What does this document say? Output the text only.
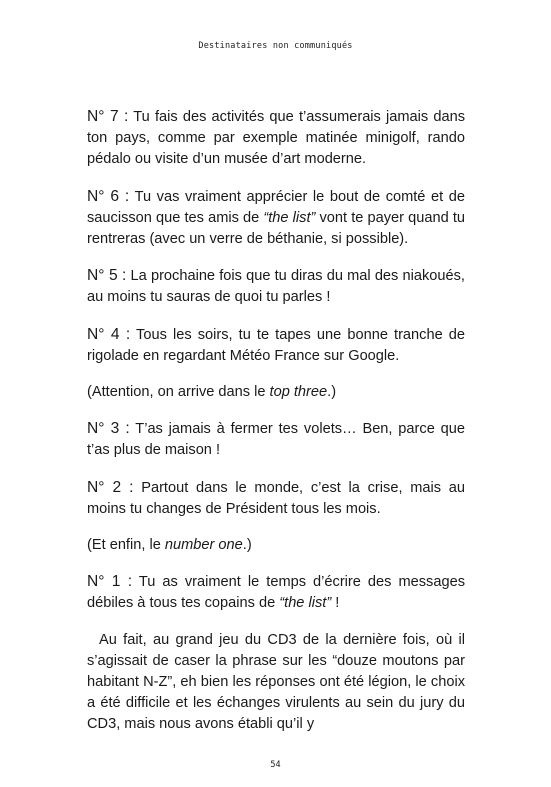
Destinataires non communiqués

N° 7 : Tu fais des activités que t’assumerais jamais dans ton pays, comme par exemple matinée minigolf, rando pédalo ou visite d’un musée d’art moderne.

N° 6 : Tu vas vraiment apprécier le bout de comté et de saucisson que tes amis de “the list” vont te payer quand tu rentreras (avec un verre de béthanie, si possible).

N° 5 : La prochaine fois que tu diras du mal des niakoués, au moins tu sauras de quoi tu parles !

N° 4 : Tous les soirs, tu te tapes une bonne tranche de rigolade en regardant Météo France sur Google.

(Attention, on arrive dans le top three.)

N° 3 : T’as jamais à fermer tes volets… Ben, parce que t’as plus de maison !

N° 2 : Partout dans le monde, c’est la crise, mais au moins tu changes de Président tous les mois.

(Et enfin, le number one.)

N° 1 : Tu as vraiment le temps d’écrire des messages débiles à tous tes copains de “the list” !

Au fait, au grand jeu du CD3 de la dernière fois, où il s’agissait de caser la phrase sur les “douze moutons par habitant N-Z”, eh bien les réponses ont été légion, le choix a été difficile et les échanges virulents au sein du jury du CD3, mais nous avons établi qu’il y

54
